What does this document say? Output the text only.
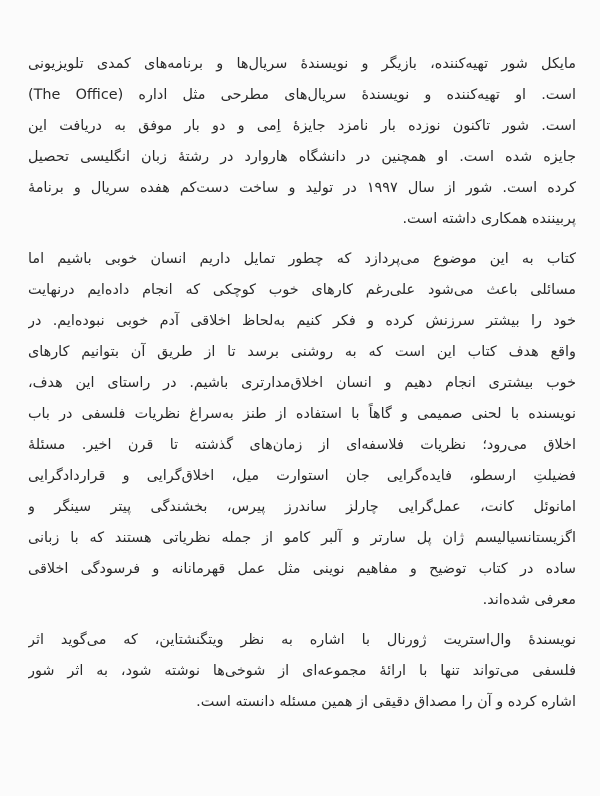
مایکل شور تهیه‌کننده، بازیگر و نویسندۀ سریال‌ها و برنامه‌های کمدی تلویزیونی
است. او تهیه‌کننده و نویسندۀ سریال‌های مطرحی مثل اداره (The Office)
است. شور تاکنون نوزده بار نامزد جایزۀ اِمی و دو بار موفق به دریافت این
جایزه شده است. او همچنین در دانشگاه هاروارد در رشتۀ زبان انگلیسی تحصیل
کرده است. شور از سال ۱۹۹۷ در تولید و ساخت دست‌کم هفده سریال و برنامۀ
پربیننده همکاری داشته است.
کتاب به این موضوع می‌پردازد که چطور تمایل داریم انسان خوبی باشیم اما
مسائلی باعث می‌شود علی‌رغم کارهای خوب کوچکی که انجام داده‌ایم درنهایت
خود را بیشتر سرزنش کرده و فکر کنیم به‌لحاظ اخلاقی آدم خوبی نبوده‌ایم. در
واقع هدف کتاب این است که به روشنی برسد تا از طریق آن بتوانیم کارهای
خوب بیشتری انجام دهیم و انسان اخلاق‌مدارتری باشیم. در راستای این هدف،
نویسنده با لحنی صمیمی و گاهاً با استفاده از طنز به‌سراغ نظریات فلسفی در باب
اخلاق می‌رود؛ نظریات فلاسفه‌ای از زمان‌های گذشته تا قرن اخیر. مسئلۀ
فضیلتِ ارسطو، فایده‌گرایی جان استوارت میل، اخلاق‌گرایی و قراردادگرایی
امانوئل کانت، عمل‌گرایی چارلز ساندرز پیرس، بخشندگی پیتر سینگر و
اگزیستانسیالیسم ژان پل سارتر و آلبر کامو از جمله نظریاتی هستند که با زبانی
ساده در کتاب توضیح و مفاهیم نوینی مثل عمل قهرمانانه و فرسودگی اخلاقی
معرفی شده‌اند.
نویسندۀ وال‌استریت ژورنال با اشاره به نظر ویتگنشتاین، که می‌گوید اثر
فلسفی می‌تواند تنها با ارائۀ مجموعه‌ای از شوخی‌ها نوشته شود، به اثر شور
اشاره کرده و آن را مصداق دقیقی از همین مسئله دانسته است.
